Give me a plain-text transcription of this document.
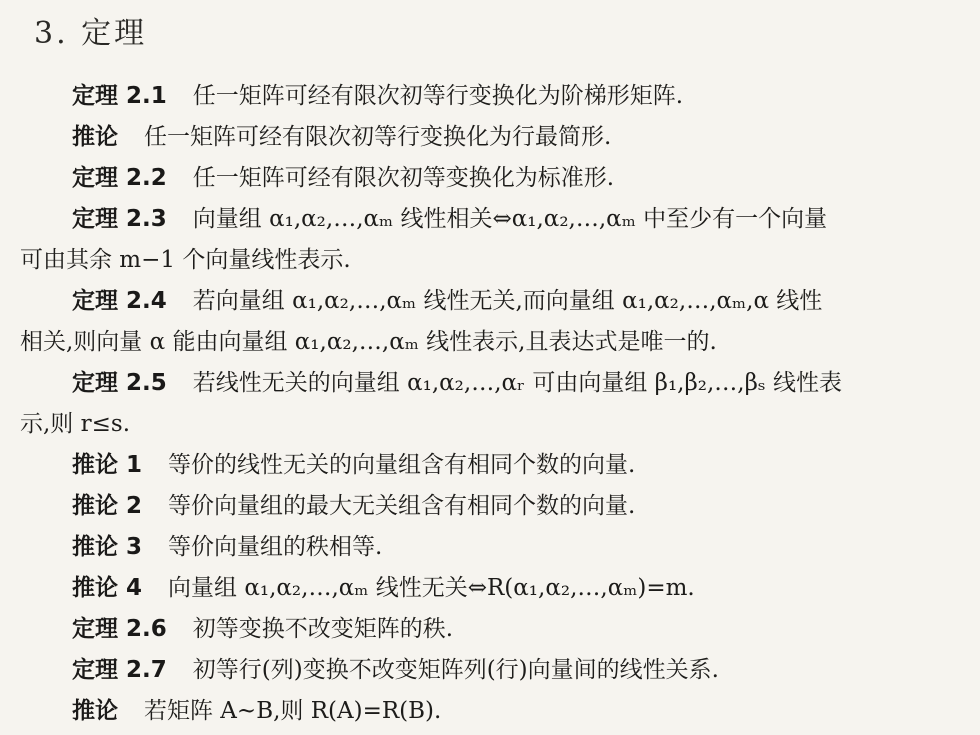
3. 定理
定理 2.1 任一矩阵可经有限次初等行变换化为阶梯形矩阵.
推论 任一矩阵可经有限次初等行变换化为行最简形.
定理 2.2 任一矩阵可经有限次初等变换化为标准形.
定理 2.3 向量组 α₁,α₂,…,αₘ 线性相关⇔α₁,α₂,…,αₘ 中至少有一个向量
可由其余 m−1 个向量线性表示.
定理 2.4 若向量组 α₁,α₂,…,αₘ 线性无关,而向量组 α₁,α₂,…,αₘ,α 线性
相关,则向量 α 能由向量组 α₁,α₂,…,αₘ 线性表示,且表达式是唯一的.
定理 2.5 若线性无关的向量组 α₁,α₂,…,αᵣ 可由向量组 β₁,β₂,…,βₛ 线性表
示,则 r≤s.
推论 1 等价的线性无关的向量组含有相同个数的向量.
推论 2 等价向量组的最大无关组含有相同个数的向量.
推论 3 等价向量组的秩相等.
推论 4 向量组 α₁,α₂,…,αₘ 线性无关⇔R(α₁,α₂,…,αₘ)=m.
定理 2.6 初等变换不改变矩阵的秩.
定理 2.7 初等行(列)变换不改变矩阵列(行)向量间的线性关系.
推论 若矩阵 A~B,则 R(A)=R(B).
